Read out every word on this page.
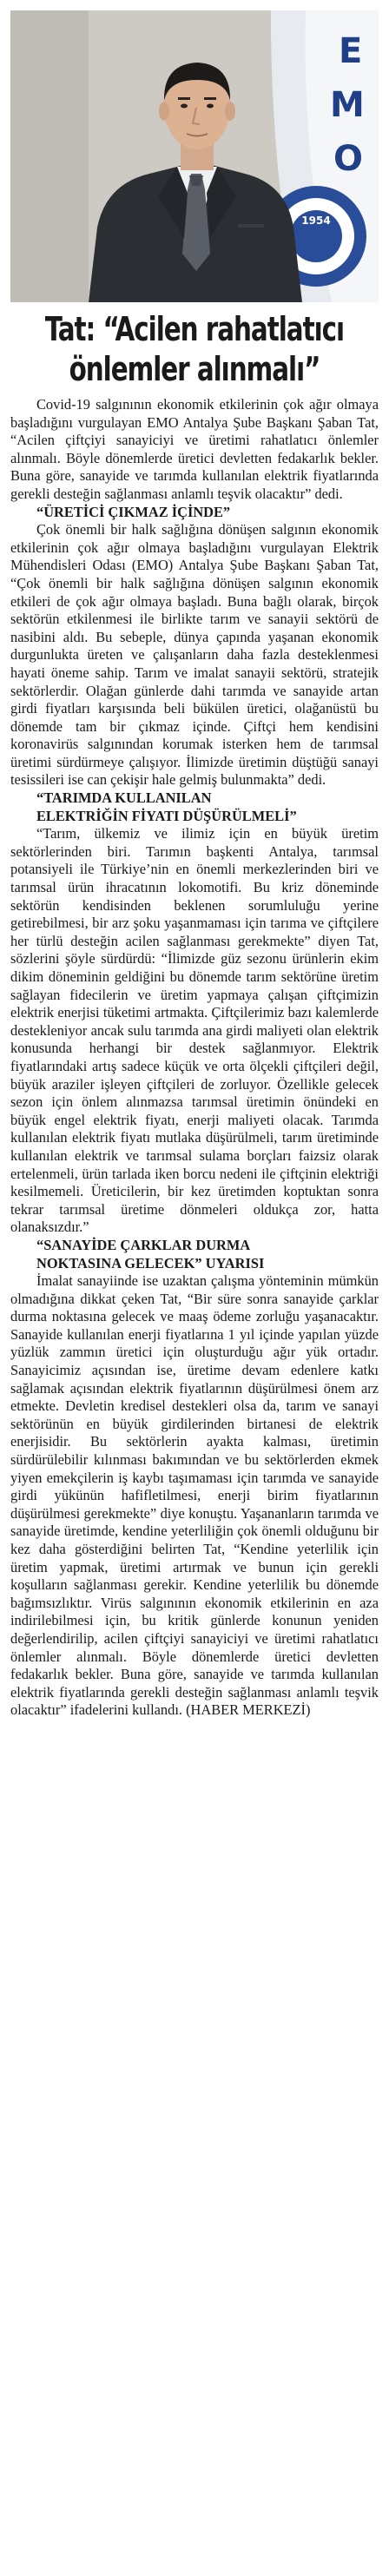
E
M
O
1954
Tat: “Acilen rahatlatıcı
önlemler alınmalı”

Covid-19 salgınının ekonomik etkilerinin çok ağır olmaya başladığını vurgulayan EMO Antalya Şube Başkanı Şaban Tat, “Acilen çiftçiyi sanayiciyi ve üretimi rahatlatıcı önlemler alınmalı. Böyle dönemlerde üretici devletten fedakarlık bekler. Buna göre, sanayide ve tarımda kullanılan elektrik fiyatlarında gerekli desteğin sağlanması anlamlı teşvik olacaktır” dedi.

“ÜRETİCİ ÇIKMAZ İÇİNDE”

Çok önemli bir halk sağlığına dönüşen salgının ekonomik etkilerinin çok ağır olmaya başladığını vurgulayan Elektrik Mühendisleri Odası (EMO) Antalya Şube Başkanı Şaban Tat, “Çok önemli bir halk sağlığına dönüşen salgının ekonomik etkileri de çok ağır olmaya başladı. Buna bağlı olarak, birçok sektörün etkilenmesi ile birlikte tarım ve sanayii sektörü de nasibini aldı. Bu sebeple, dünya çapında yaşanan ekonomik durgunlukta üreten ve çalışanların daha fazla desteklenmesi hayati öneme sahip. Tarım ve imalat sanayii sektörü, stratejik sektörlerdir. Olağan günlerde dahi tarımda ve sanayide artan girdi fiyatları karşısında beli bükülen üretici, olağanüstü bu dönemde tam bir çıkmaz içinde. Çiftçi hem kendisini koronavirüs salgınından korumak isterken hem de tarımsal üretimi sürdürmeye çalışıyor. İlimizde üretimin düştüğü sanayi tesissileri ise can çekişir hale gelmiş bulunmakta” dedi.

“TARIMDA KULLANILAN
ELEKTRİĞİN FİYATI DÜŞÜRÜLMELİ”

“Tarım, ülkemiz ve ilimiz için en büyük üretim sektörlerinden biri. Tarımın başkenti Antalya, tarımsal potansiyeli ile Türkiye’nin en önemli merkezlerinden biri ve tarımsal ürün ihracatının lokomotifi. Bu kriz döneminde sektörün kendisinden beklenen sorumluluğu yerine getirebilmesi, bir arz şoku yaşanmaması için tarıma ve çiftçilere her türlü desteğin acilen sağlanması gerekmekte” diyen Tat, sözlerini şöyle sürdürdü: “İlimizde güz sezonu ürünlerin ekim dikim döneminin geldiğini bu dönemde tarım sektörüne üretim sağlayan fidecilerin ve üretim yapmaya çalışan çiftçimizin elektrik enerjisi tüketimi artmakta. Çiftçilerimiz bazı kalemlerde destekleniyor ancak sulu tarımda ana girdi maliyeti olan elektrik konusunda herhangi bir destek sağlanmıyor. Elektrik fiyatlarındaki artış sadece küçük ve orta ölçekli çiftçileri değil, büyük araziler işleyen çiftçileri de zorluyor. Özellikle gelecek sezon için önlem alınmazsa tarımsal üretimin önündeki en büyük engel elektrik fiyatı, enerji maliyeti olacak. Tarımda kullanılan elektrik fiyatı mutlaka düşürülmeli, tarım üretiminde kullanılan elektrik ve tarımsal sulama borçları faizsiz olarak ertelenmeli, ürün tarlada iken borcu nedeni ile çiftçinin elektriği kesilmemeli. Üreticilerin, bir kez üretimden koptuktan sonra tekrar tarımsal üretime dönmeleri oldukça zor, hatta olanaksızdır.”

“SANAYİDE ÇARKLAR DURMA
NOKTASINA GELECEK” UYARISI

İmalat sanayiinde ise uzaktan çalışma yönteminin mümkün olmadığına dikkat çeken Tat, “Bir süre sonra sanayide çarklar durma noktasına gelecek ve maaş ödeme zorluğu yaşanacaktır. Sanayide kullanılan enerji fiyatlarına 1 yıl içinde yapılan yüzde yüzlük zammın üretici için oluşturduğu ağır yük ortadır. Sanayicimiz açısından ise, üretime devam edenlere katkı sağlamak açısından elektrik fiyatlarının düşürülmesi önem arz etmekte. Devletin kredisel destekleri olsa da, tarım ve sanayi sektörünün en büyük girdilerinden birtanesi de elektrik enerjisidir. Bu sektörlerin ayakta kalması, üretimin sürdürülebilir kılınması bakımından ve bu sektörlerden ekmek yiyen emekçilerin iş kaybı taşımaması için tarımda ve sanayide girdi yükünün hafifletilmesi, enerji birim fiyatlarının düşürülmesi gerekmekte” diye konuştu. Yaşananların tarımda ve sanayide üretimde, kendine yeterliliğin çok önemli olduğunu bir kez daha gösterdiğini belirten Tat, “Kendine yeterlilik için üretim yapmak, üretimi artırmak ve bunun için gerekli koşulların sağlanması gerekir. Kendine yeterlilik bu dönemde bağımsızlıktır. Virüs salgınının ekonomik etkilerinin en aza indirilebilmesi için, bu kritik günlerde konunun yeniden değerlendirilip, acilen çiftçiyi sanayiciyi ve üretimi rahatlatıcı önlemler alınmalı. Böyle dönemlerde üretici devletten fedakarlık bekler. Buna göre, sanayide ve tarımda kullanılan elektrik fiyatlarında gerekli desteğin sağlanması anlamlı teşvik olacaktır” ifadelerini kullandı. (HABER MERKEZİ)
